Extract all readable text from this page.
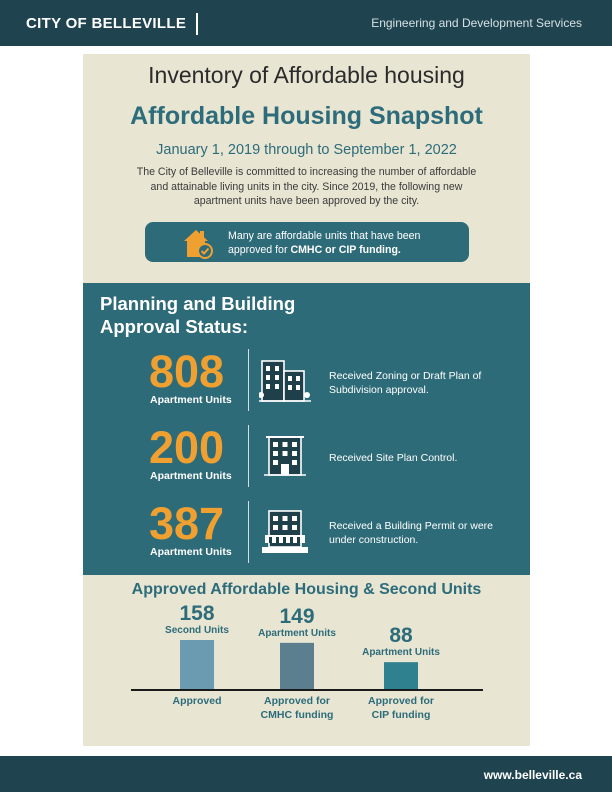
CITY OF BELLEVILLE	Engineering and Development Services
Inventory of Affordable housing
Affordable Housing Snapshot
January 1, 2019 through to September 1, 2022
The City of Belleville is committed to increasing the number of affordable and attainable living units in the city. Since 2019, the following new apartment units have been approved by the city.
Many are affordable units that have been approved for CMHC or CIP funding.
Planning and Building Approval Status:
808
Apartment Units
Received Zoning or Draft Plan of Subdivision approval.
200
Apartment Units
Received Site Plan Control.
387
Apartment Units
Received a Building Permit or were under construction.
Approved Affordable Housing & Second Units
158
Second Units
Approved
149
Apartment Units
Approved for
CMHC funding
88
Apartment Units
Approved for
CIP funding
www.belleville.ca
